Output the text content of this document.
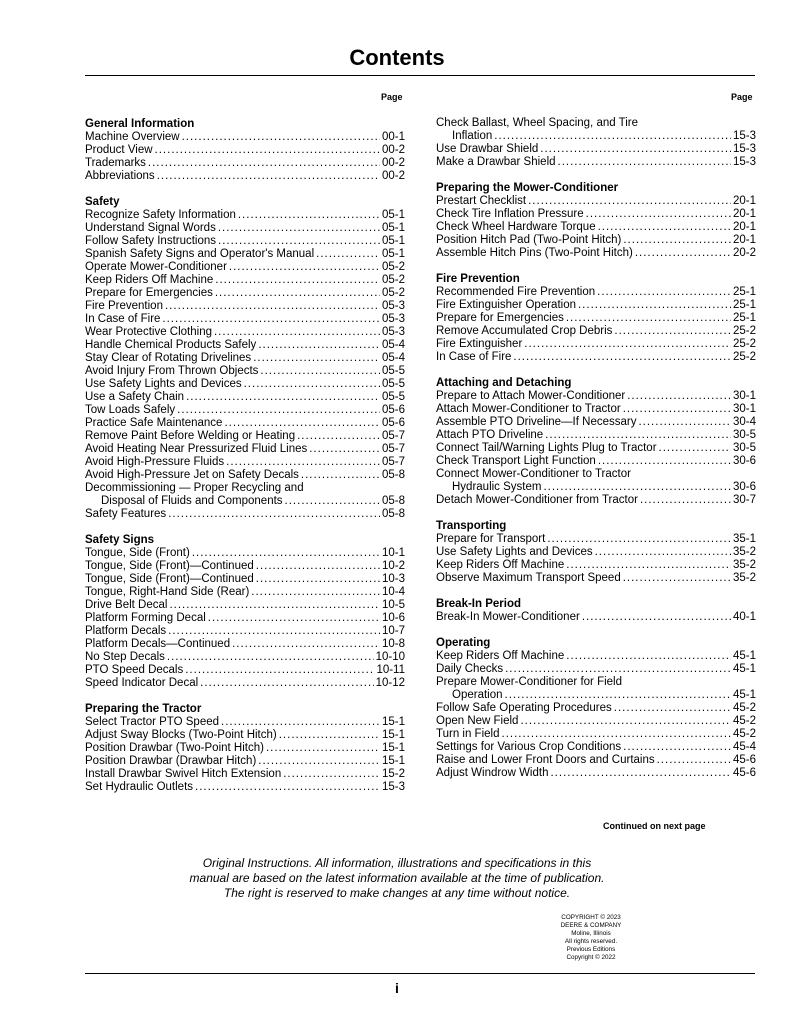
Contents
Page	Page
General Information
Machine Overview .....	00-1
Product View .....	00-2
Trademarks .....	00-2
Abbreviations .....	00-2
Safety
Recognize Safety Information .....	05-1
Understand Signal Words .....	05-1
Follow Safety Instructions .....	05-1
Spanish Safety Signs and Operator's Manual .....	05-1
Operate Mower-Conditioner .....	05-2
Keep Riders Off Machine .....	05-2
Prepare for Emergencies .....	05-2
Fire Prevention .....	05-3
In Case of Fire .....	05-3
Wear Protective Clothing .....	05-3
Handle Chemical Products Safely .....	05-4
Stay Clear of Rotating Drivelines .....	05-4
Avoid Injury From Thrown Objects .....	05-5
Use Safety Lights and Devices .....	05-5
Use a Safety Chain .....	05-5
Tow Loads Safely .....	05-6
Practice Safe Maintenance .....	05-6
Remove Paint Before Welding or Heating .....	05-7
Avoid Heating Near Pressurized Fluid Lines .....	05-7
Avoid High-Pressure Fluids .....	05-7
Avoid High-Pressure Jet on Safety Decals .....	05-8
Decommissioning — Proper Recycling and
Disposal of Fluids and Components .....	05-8
Safety Features .....	05-8
Safety Signs
Tongue, Side (Front) .....	10-1
Tongue, Side (Front)—Continued .....	10-2
Tongue, Side (Front)—Continued .....	10-3
Tongue, Right-Hand Side (Rear) .....	10-4
Drive Belt Decal .....	10-5
Platform Forming Decal .....	10-6
Platform Decals .....	10-7
Platform Decals—Continued .....	10-8
No Step Decals .....	10-10
PTO Speed Decals .....	10-11
Speed Indicator Decal .....	10-12
Preparing the Tractor
Select Tractor PTO Speed .....	15-1
Adjust Sway Blocks (Two-Point Hitch) .....	15-1
Position Drawbar (Two-Point Hitch) .....	15-1
Position Drawbar (Drawbar Hitch) .....	15-1
Install Drawbar Swivel Hitch Extension .....	15-2
Set Hydraulic Outlets .....	15-3
Check Ballast, Wheel Spacing, and Tire
Inflation .....	15-3
Use Drawbar Shield .....	15-3
Make a Drawbar Shield .....	15-3
Preparing the Mower-Conditioner
Prestart Checklist .....	20-1
Check Tire Inflation Pressure .....	20-1
Check Wheel Hardware Torque .....	20-1
Position Hitch Pad (Two-Point Hitch) .....	20-1
Assemble Hitch Pins (Two-Point Hitch) .....	20-2
Fire Prevention
Recommended Fire Prevention .....	25-1
Fire Extinguisher Operation .....	25-1
Prepare for Emergencies .....	25-1
Remove Accumulated Crop Debris .....	25-2
Fire Extinguisher .....	25-2
In Case of Fire .....	25-2
Attaching and Detaching
Prepare to Attach Mower-Conditioner .....	30-1
Attach Mower-Conditioner to Tractor .....	30-1
Assemble PTO Driveline—If Necessary .....	30-4
Attach PTO Driveline .....	30-5
Connect Tail/Warning Lights Plug to Tractor .....	30-5
Check Transport Light Function .....	30-6
Connect Mower-Conditioner to Tractor
Hydraulic System .....	30-6
Detach Mower-Conditioner from Tractor .....	30-7
Transporting
Prepare for Transport .....	35-1
Use Safety Lights and Devices .....	35-2
Keep Riders Off Machine .....	35-2
Observe Maximum Transport Speed .....	35-2
Break-In Period
Break-In Mower-Conditioner .....	40-1
Operating
Keep Riders Off Machine .....	45-1
Daily Checks .....	45-1
Prepare Mower-Conditioner for Field
Operation .....	45-1
Follow Safe Operating Procedures .....	45-2
Open New Field .....	45-2
Turn in Field .....	45-2
Settings for Various Crop Conditions .....	45-4
Raise and Lower Front Doors and Curtains .....	45-6
Adjust Windrow Width .....	45-6
Continued on next page
Original Instructions. All information, illustrations and specifications in this
manual are based on the latest information available at the time of publication.
The right is reserved to make changes at any time without notice.
COPYRIGHT © 2023
DEERE & COMPANY
Moline, Illinois
All rights reserved.
Previous Editions
Copyright © 2022
i
